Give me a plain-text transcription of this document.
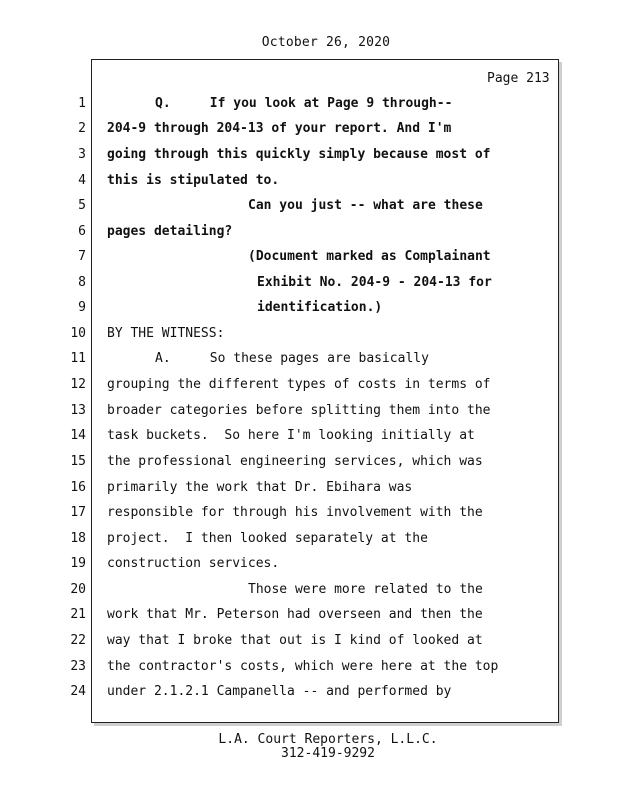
October 26, 2020
Page 213
1	Q.     If you look at Page 9 through--
2 204-9 through 204-13 of your report. And I'm
3 going through this quickly simply because most of
4 this is stipulated to.
5	Can you just -- what are these
6 pages detailing?
7	(Document marked as Complainant
8	Exhibit No. 204-9 - 204-13 for
9	identification.)
10 BY THE WITNESS:
11	A.     So these pages are basically
12 grouping the different types of costs in terms of
13 broader categories before splitting them into the
14 task buckets.  So here I'm looking initially at
15 the professional engineering services, which was
16 primarily the work that Dr. Ebihara was
17 responsible for through his involvement with the
18 project.  I then looked separately at the
19 construction services.
20	Those were more related to the
21 work that Mr. Peterson had overseen and then the
22 way that I broke that out is I kind of looked at
23 the contractor's costs, which were here at the top
24 under 2.1.2.1 Campanella -- and performed by
L.A. Court Reporters, L.L.C.
312-419-9292
